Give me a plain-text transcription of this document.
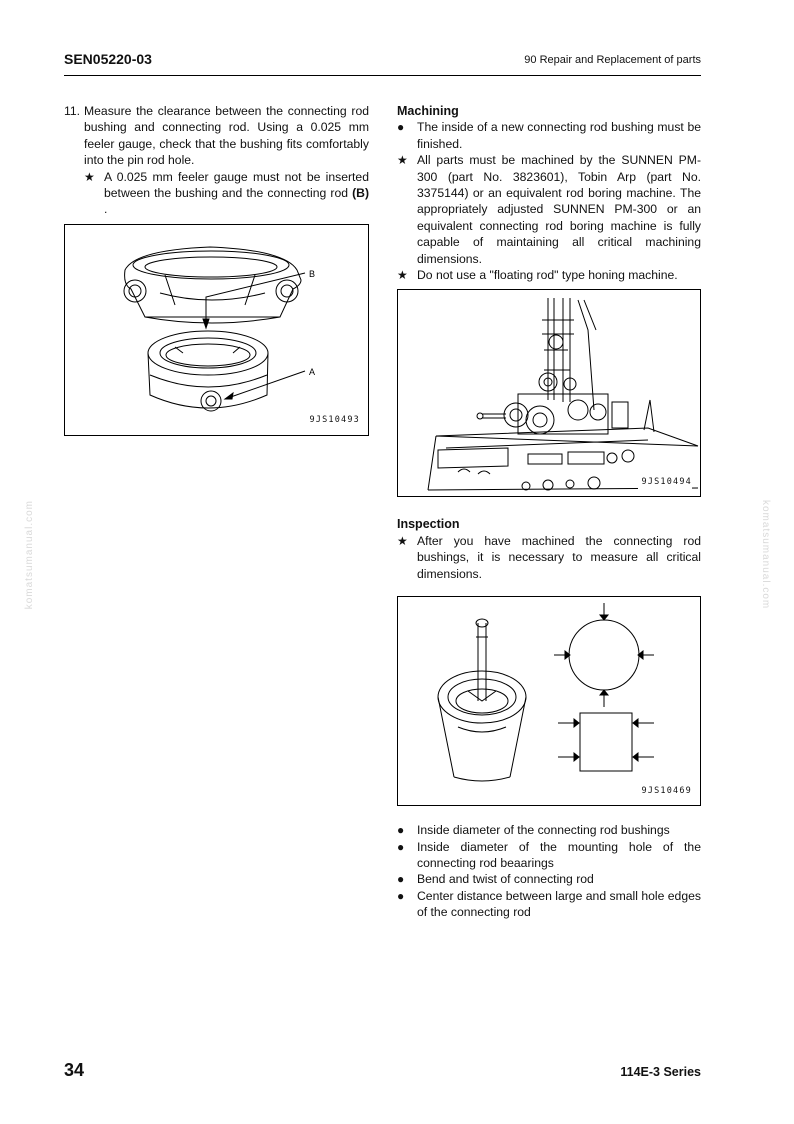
SEN05220-03	90 Repair and Replacement of parts
komatsumanual.com	komatsumanual.com
11. Measure the clearance between the connecting rod bushing and connecting rod. Using a 0.025 mm feeler gauge, check that the bushing fits comfortably into the pin rod hole.
★ A 0.025 mm feeler gauge must not be inserted between the bushing and the connecting rod (B) .
B
A
9JS10493
Machining
●	The inside of a new connecting rod bushing must be finished.
★ All parts must be machined by the SUNNEN PM-300 (part No. 3823601), Tobin Arp (part No. 3375144) or an equivalent rod boring machine. The appropriately adjusted SUNNEN PM-300 or an equivalent connecting rod boring machine is fully capable of maintaining all critical machining dimensions.
★ Do not use a "floating rod" type honing machine.
9JS10494
Inspection
★ After you have machined the connecting rod bushings, it is necessary to measure all critical dimensions.
9JS10469
●	Inside diameter of the connecting rod bushings
●	Inside diameter of the mounting hole of the connecting rod beaarings
●	Bend and twist of connecting rod
●	Center distance between large and small hole edges of the connecting rod
34	114E-3 Series
